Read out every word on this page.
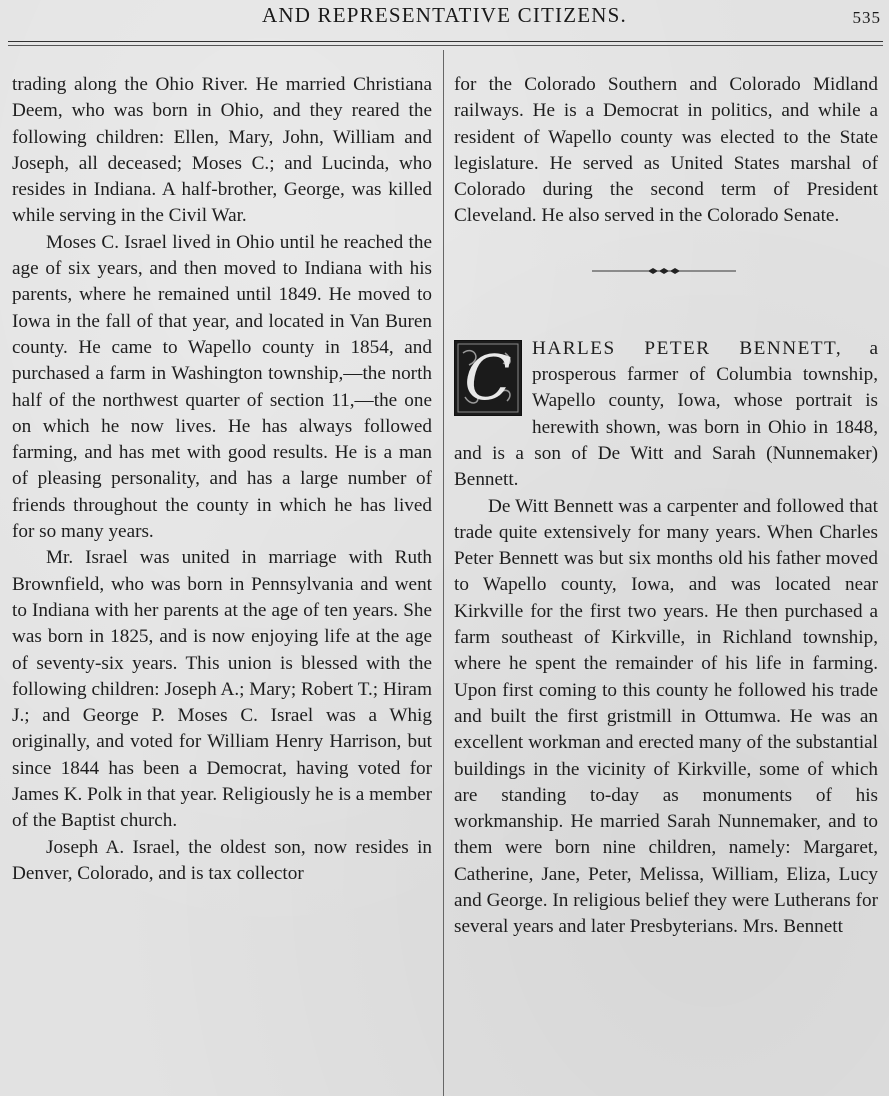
AND REPRESENTATIVE CITIZENS.	535

trading along the Ohio River. He married Christiana Deem, who was born in Ohio, and they reared the following children: Ellen, Mary, John, William and Joseph, all deceased; Moses C.; and Lucinda, who resides in Indiana. A half-brother, George, was killed while serving in the Civil War.

Moses C. Israel lived in Ohio until he reached the age of six years, and then moved to Indiana with his parents, where he remained until 1849. He moved to Iowa in the fall of that year, and located in Van Buren county. He came to Wapello county in 1854, and purchased a farm in Washington township,—the north half of the northwest quarter of section 11,—the one on which he now lives. He has always followed farming, and has met with good results. He is a man of pleasing personality, and has a large number of friends throughout the county in which he has lived for so many years.

Mr. Israel was united in marriage with Ruth Brownfield, who was born in Pennsylvania and went to Indiana with her parents at the age of ten years. She was born in 1825, and is now enjoying life at the age of seventy-six years. This union is blessed with the following children: Joseph A.; Mary; Robert T.; Hiram J.; and George P. Moses C. Israel was a Whig originally, and voted for William Henry Harrison, but since 1844 has been a Democrat, having voted for James K. Polk in that year. Religiously he is a member of the Baptist church.

Joseph A. Israel, the oldest son, now resides in Denver, Colorado, and is tax collector

for the Colorado Southern and Colorado Midland railways. He is a Democrat in politics, and while a resident of Wapello county was elected to the State legislature. He served as United States marshal of Colorado during the second term of President Cleveland. He also served in the Colorado Senate.

C	HARLES PETER BENNETT, a prosperous farmer of Columbia township, Wapello county, Iowa, whose portrait is herewith shown, was born in Ohio in 1848, and is a son of De Witt and Sarah (Nunnemaker) Bennett.

De Witt Bennett was a carpenter and followed that trade quite extensively for many years. When Charles Peter Bennett was but six months old his father moved to Wapello county, Iowa, and was located near Kirkville for the first two years. He then purchased a farm southeast of Kirkville, in Richland township, where he spent the remainder of his life in farming. Upon first coming to this county he followed his trade and built the first gristmill in Ottumwa. He was an excellent workman and erected many of the substantial buildings in the vicinity of Kirkville, some of which are standing to-day as monuments of his workmanship. He married Sarah Nunnemaker, and to them were born nine children, namely: Margaret, Catherine, Jane, Peter, Melissa, William, Eliza, Lucy and George. In religious belief they were Lutherans for several years and later Presbyterians. Mrs. Bennett
